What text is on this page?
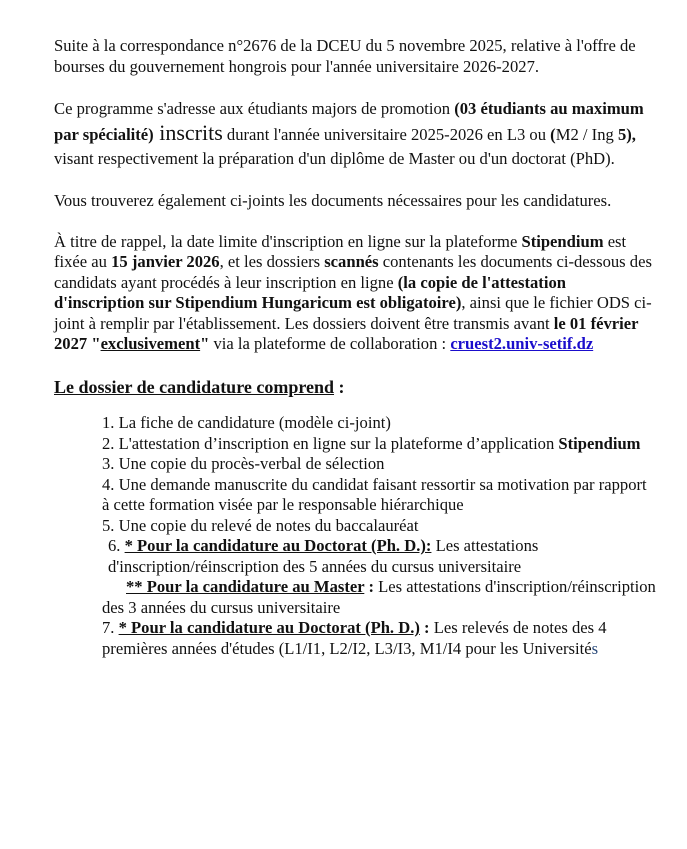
Suite à la correspondance n°2676 de la DCEU du 5 novembre 2025, relative à l'offre de bourses du gouvernement hongrois pour l'année universitaire 2026-2027.

Ce programme s'adresse aux étudiants majors de promotion (03 étudiants au maximum par spécialité) inscrits durant l'année universitaire 2025-2026 en L3 ou (M2 / Ing 5), visant respectivement la préparation d'un diplôme de Master ou d'un doctorat (PhD).

Vous trouverez également ci-joints les documents nécessaires pour les candidatures.

À titre de rappel, la date limite d'inscription en ligne sur la plateforme Stipendium est fixée au 15 janvier 2026, et les dossiers scannés contenants les documents ci-dessous des candidats ayant procédés à leur inscription en ligne (la copie de l'attestation d'inscription sur Stipendium Hungaricum est obligatoire), ainsi que le fichier ODS ci-joint à remplir par l'établissement. Les dossiers doivent être transmis avant le 01 février 2027 "exclusivement" via la plateforme de collaboration : cruest2.univ-setif.dz

Le dossier de candidature comprend :

1. La fiche de candidature (modèle ci-joint)

2. L'attestation d’inscription en ligne sur la plateforme d’application Stipendium

3. Une copie du procès-verbal de sélection

4. Une demande manuscrite du candidat faisant ressortir sa motivation par rapport à cette formation visée par le responsable hiérarchique

5. Une copie du relevé de notes du baccalauréat

6. * Pour la candidature au Doctorat (Ph. D.): Les attestations d'inscription/réinscription des 5 années du cursus universitaire

** Pour la candidature au Master : Les attestations d'inscription/réinscription des 3 années du cursus universitaire

7. * Pour la candidature au Doctorat (Ph. D.) : Les relevés de notes des 4 premières années d'études (L1/I1, L2/I2, L3/I3, M1/I4 pour les Universités
